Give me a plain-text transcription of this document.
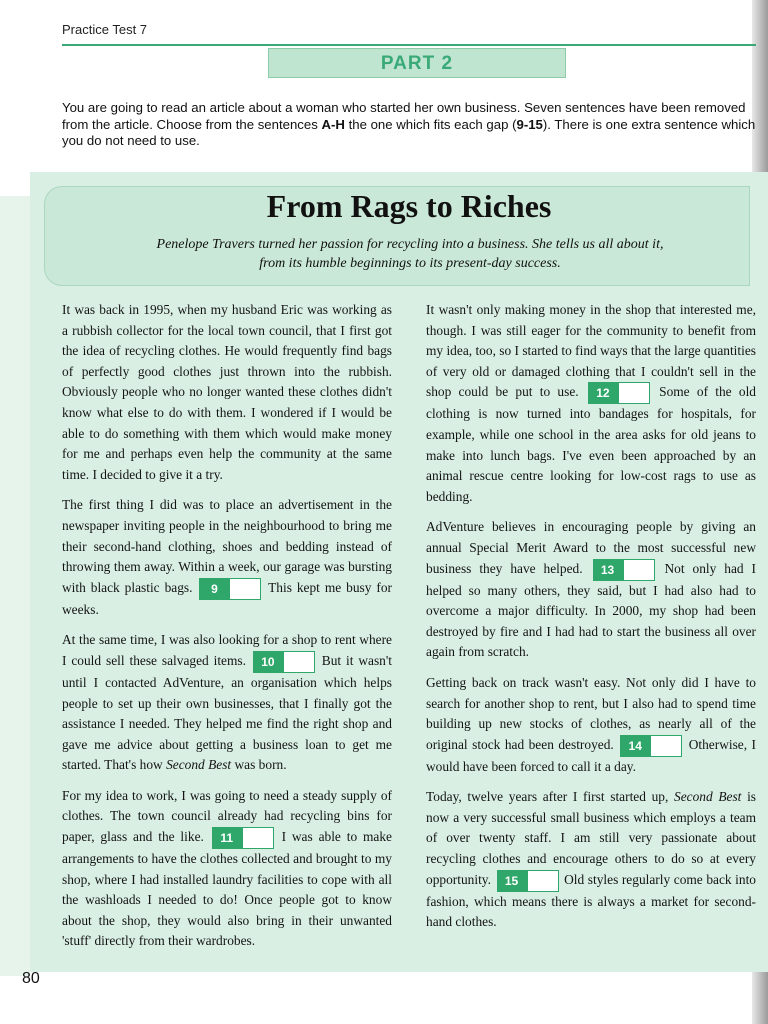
Practice Test 7
PART 2
You are going to read an article about a woman who started her own business. Seven sentences have been removed from the article. Choose from the sentences A-H the one which fits each gap (9-15). There is one extra sentence which you do not need to use.
From Rags to Riches
Penelope Travers turned her passion for recycling into a business. She tells us all about it,
from its humble beginnings to its present-day success.

It was back in 1995, when my husband Eric was working as a rubbish collector for the local town council, that I first got the idea of recycling clothes. He would frequently find bags of perfectly good clothes just thrown into the rubbish. Obviously people who no longer wanted these clothes didn't know what else to do with them. I wondered if I would be able to do something with them which would make money for me and perhaps even help the community at the same time. I decided to give it a try.

The first thing I did was to place an advertisement in the newspaper inviting people in the neighbourhood to bring me their second-hand clothing, shoes and bedding instead of throwing them away. Within a week, our garage was bursting with black plastic bags. 9	This kept me busy for weeks.

At the same time, I was also looking for a shop to rent where I could sell these salvaged items. 10	But it wasn't until I contacted AdVenture, an organisation which helps people to set up their own businesses, that I finally got the assistance I needed. They helped me find the right shop and gave me advice about getting a business loan to get me started. That's how Second Best was born.

For my idea to work, I was going to need a steady supply of clothes. The town council already had recycling bins for paper, glass and the like. 11	I was able to make arrangements to have the clothes collected and brought to my shop, where I had installed laundry facilities to cope with all the washloads I needed to do! Once people got to know about the shop, they would also bring in their unwanted 'stuff' directly from their wardrobes.

It wasn't only making money in the shop that interested me, though. I was still eager for the community to benefit from my idea, too, so I started to find ways that the large quantities of very old or damaged clothing that I couldn't sell in the shop could be put to use. 12	Some of the old clothing is now turned into bandages for hospitals, for example, while one school in the area asks for old jeans to make into lunch bags. I've even been approached by an animal rescue centre looking for low-cost rags to use as bedding.

AdVenture believes in encouraging people by giving an annual Special Merit Award to the most successful new business they have helped. 13	Not only had I helped so many others, they said, but I had also had to overcome a major difficulty. In 2000, my shop had been destroyed by fire and I had had to start the business all over again from scratch.

Getting back on track wasn't easy. Not only did I have to search for another shop to rent, but I also had to spend time building up new stocks of clothes, as nearly all of the original stock had been destroyed. 14	Otherwise, I would have been forced to call it a day.

Today, twelve years after I first started up, Second Best is now a very successful small business which employs a team of over twenty staff. I am still very passionate about recycling clothes and encourage others to do so at every opportunity. 15	Old styles regularly come back into fashion, which means there is always a market for second-hand clothes.

80
